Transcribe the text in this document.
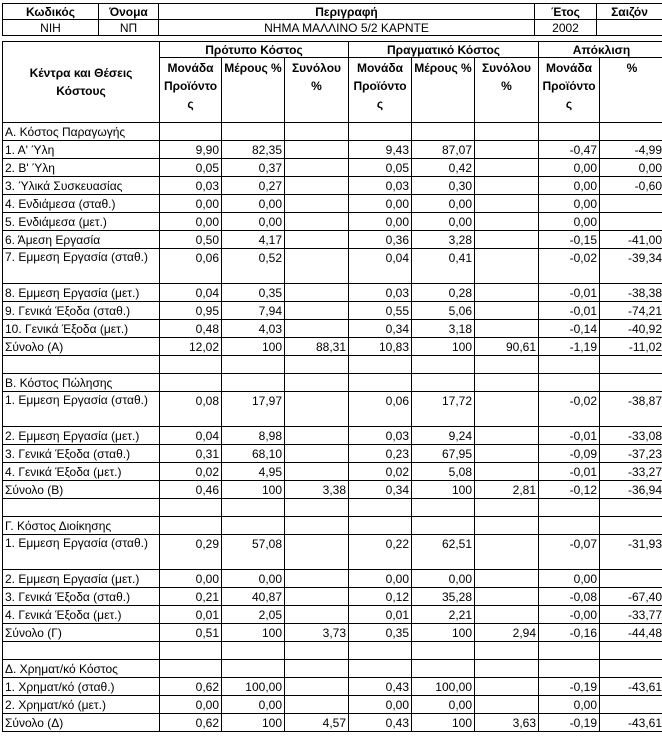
Κωδικός	Όνομα	Περιγραφή	Έτος	Σαιζόν
NIH	ΝΠ	ΝΗΜΑ ΜΑΛΛΙΝΟ 5/2 ΚΑΡΝΤΕ	2002	
Κέντρα και Θέσεις Κόστους	Πρότυπο Κόστος			Πραγματικό Κόστος			Απόκλιση	
	Μονάδα Προϊόντο ς	Μέρους %	Συνόλου %	Μονάδα Προϊόντο ς	Μέρους %	Συνόλου %	Μονάδα Προϊόντο ς	%
Α. Κόστος Παραγωγής								
1. Α' Ύλη	9,90	82,35		9,43	87,07		-0,47	-4,99
2. Β' Ύλη	0,05	0,37		0,05	0,42		0,00	0,00
3. Ύλικά Συσκευασίας	0,03	0,27		0,03	0,30		0,00	-0,60
4. Ενδιάμεσα (σταθ.)	0,00	0,00		0,00	0,00		0,00	
5. Ενδιάμεσα (μετ.)	0,00	0,00		0,00	0,00		0,00	
6. Άμεση Εργασία	0,50	4,17		0,36	3,28		-0,15	-41,00
7. Εμμεση Εργασία (σταθ.)	0,06	0,52		0,04	0,41		-0,02	-39,34
8. Εμμεση Εργασία (μετ.)	0,04	0,35		0,03	0,28		-0,01	-38,38
9. Γενικά Έξοδα (σταθ.)	0,95	7,94		0,55	5,06		-0,01	-74,21
10. Γενικά Έξοδα (μετ.)	0,48	4,03		0,34	3,18		-0,14	-40,92
Σύνολο (Α)	12,02	100	88,31	10,83	100	90,61	-1,19	-11,02

Β. Κόστος Πώλησης								
1. Εμμεση Εργασία (σταθ.)	0,08	17,97		0,06	17,72		-0,02	-38,87
2. Εμμεση Εργασία (μετ.)	0,04	8,98		0,03	9,24		-0,01	-33,08
3. Γενικά Έξοδα (σταθ.)	0,31	68,10		0,23	67,95		-0,09	-37,23
4. Γενικά Έξοδα (μετ.)	0,02	4,95		0,02	5,08		-0,01	-33,27
Σύνολο (Β)	0,46	100	3,38	0,34	100	2,81	-0,12	-36,94

Γ. Κόστος Διοίκησης								
1. Εμμεση Εργασία (σταθ.)	0,29	57,08		0,22	62,51		-0,07	-31,93
2. Εμμεση Εργασία (μετ.)	0,00	0,00		0,00	0,00		0,00	
3. Γενικά Έξοδα (σταθ.)	0,21	40,87		0,12	35,28		-0,08	-67,40
4. Γενικά Έξοδα (μετ.)	0,01	2,05		0,01	2,21		-0,00	-33,77
Σύνολο (Γ)	0,51	100	3,73	0,35	100	2,94	-0,16	-44,48

Δ. Χρηματ/κό Κόστος								
1. Χρηματ/κό (σταθ.)	0,62	100,00		0,43	100,00		-0,19	-43,61
2. Χρηματ/κό (μετ.)	0,00	0,00		0,00	0,00		0,00	
Σύνολο (Δ)	0,62	100	4,57	0,43	100	3,63	-0,19	-43,61
